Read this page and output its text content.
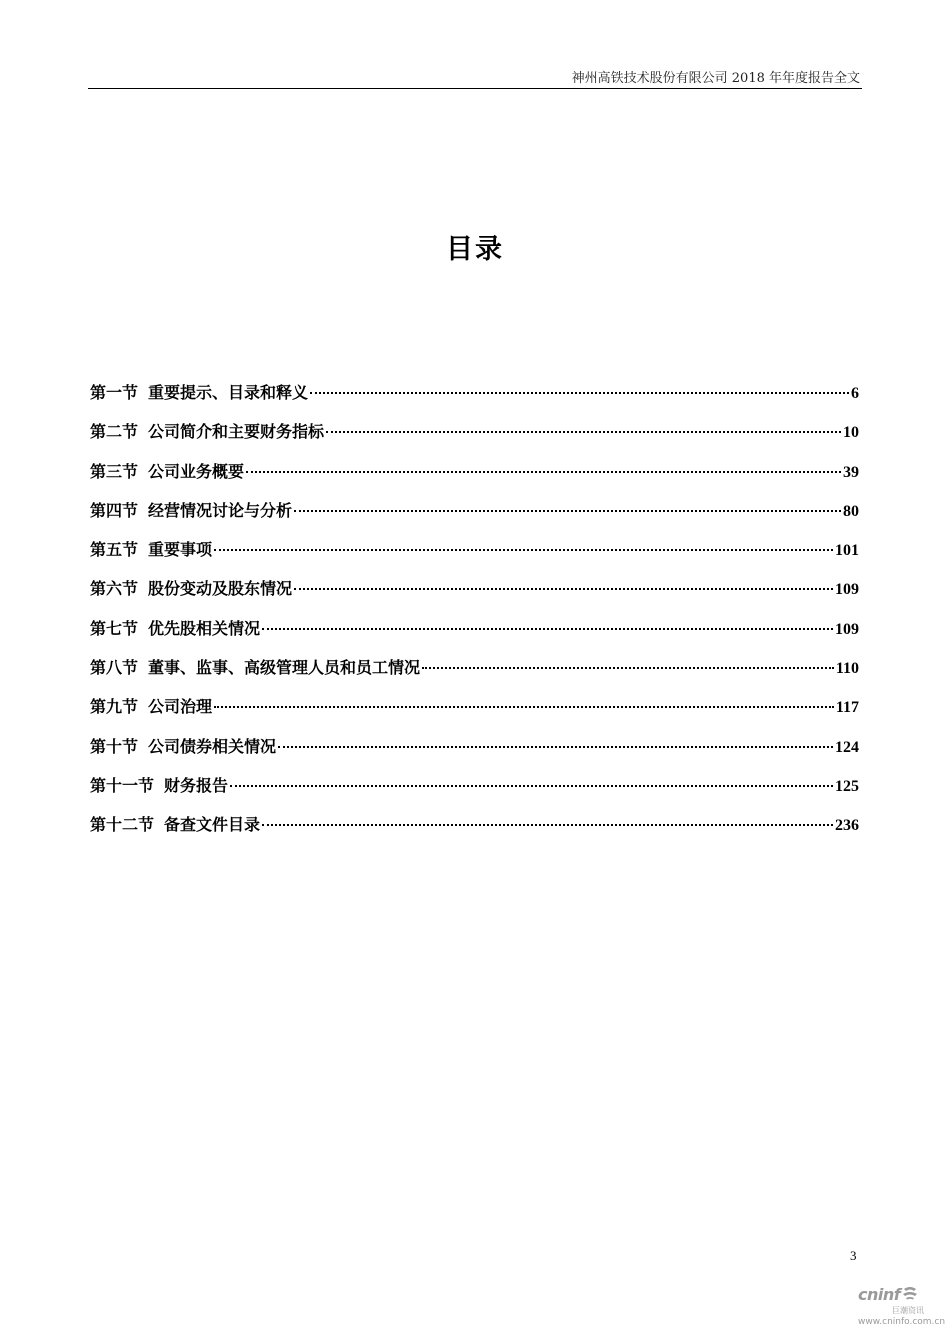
神州高铁技术股份有限公司 2018 年年度报告全文
目录
第一节 重要提示、目录和释义	6
第二节 公司简介和主要财务指标	10
第三节 公司业务概要	39
第四节 经营情况讨论与分析	80
第五节 重要事项	101
第六节 股份变动及股东情况	109
第七节 优先股相关情况	109
第八节 董事、监事、高级管理人员和员工情况	110
第九节 公司治理	117
第十节 公司债券相关情况	124
第十一节 财务报告	125
第十二节 备查文件目录	236
3
cninf
巨潮资讯
www.cninfo.com.cn
